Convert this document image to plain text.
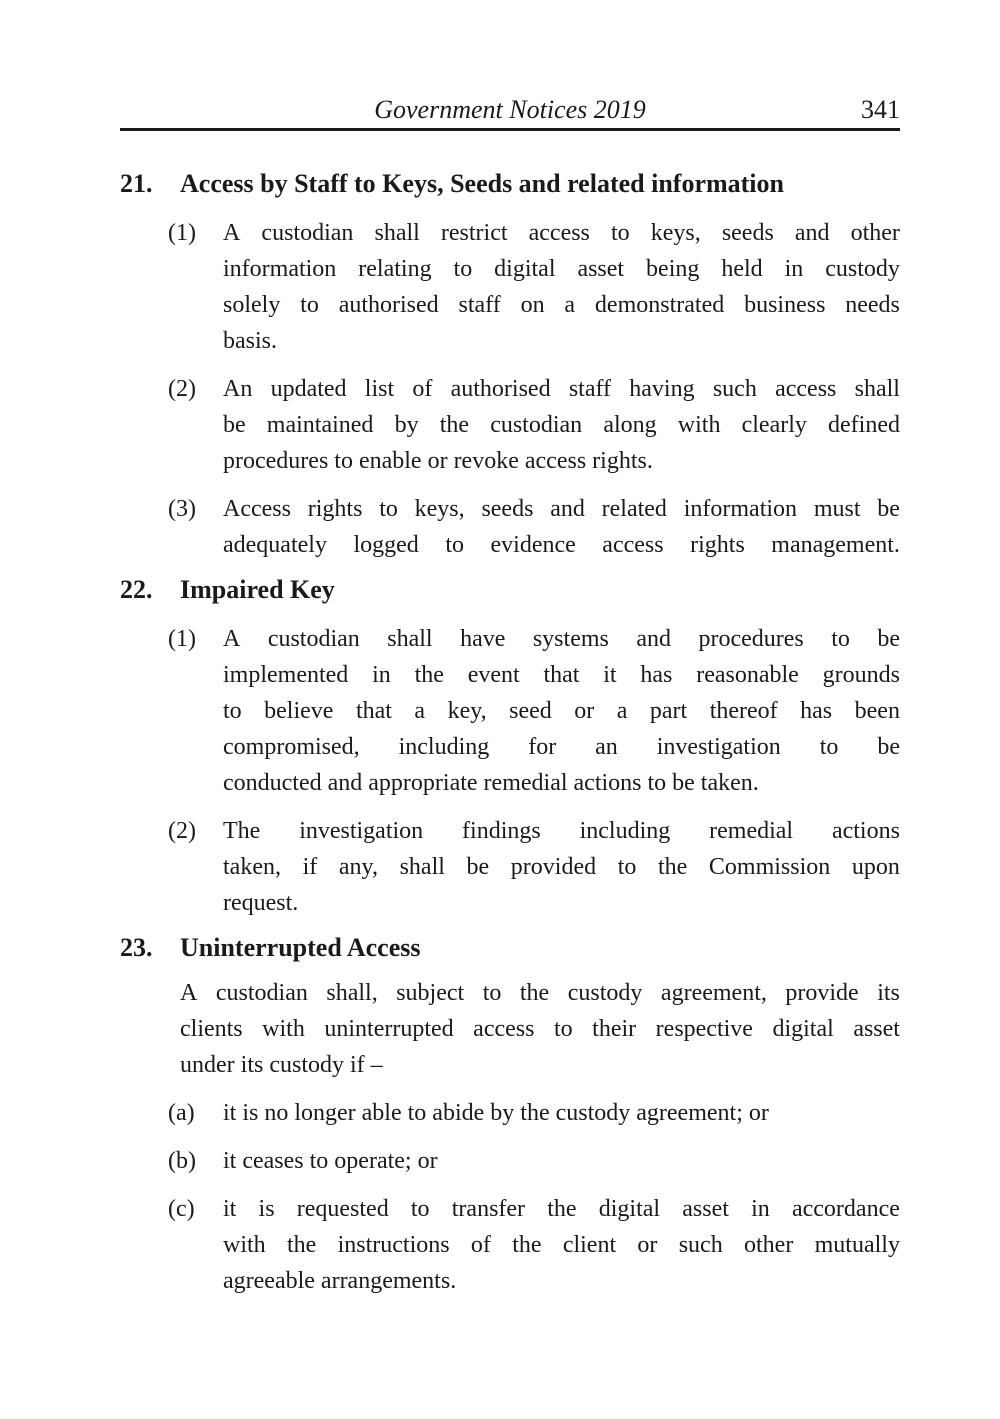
Government Notices 2019	341
21. Access by Staff to Keys, Seeds and related information
(1) A custodian shall restrict access to keys, seeds and other
information relating to digital asset being held in custody
solely to authorised staff on a demonstrated business needs
basis.
(2) An updated list of authorised staff having such access shall
be maintained by the custodian along with clearly defined
procedures to enable or revoke access rights.
(3) Access rights to keys, seeds and related information must be
adequately logged to evidence access rights management.
22. Impaired Key
(1) A custodian shall have systems and procedures to be
implemented in the event that it has reasonable grounds
to believe that a key, seed or a part thereof has been
compromised, including for an investigation to be
conducted and appropriate remedial actions to be taken.
(2) The investigation findings including remedial actions
taken, if any, shall be provided to the Commission upon
request.
23. Uninterrupted Access
A custodian shall, subject to the custody agreement, provide its
clients with uninterrupted access to their respective digital asset
under its custody if –
(a) it is no longer able to abide by the custody agreement; or
(b) it ceases to operate; or
(c) it is requested to transfer the digital asset in accordance
with the instructions of the client or such other mutually
agreeable arrangements.
